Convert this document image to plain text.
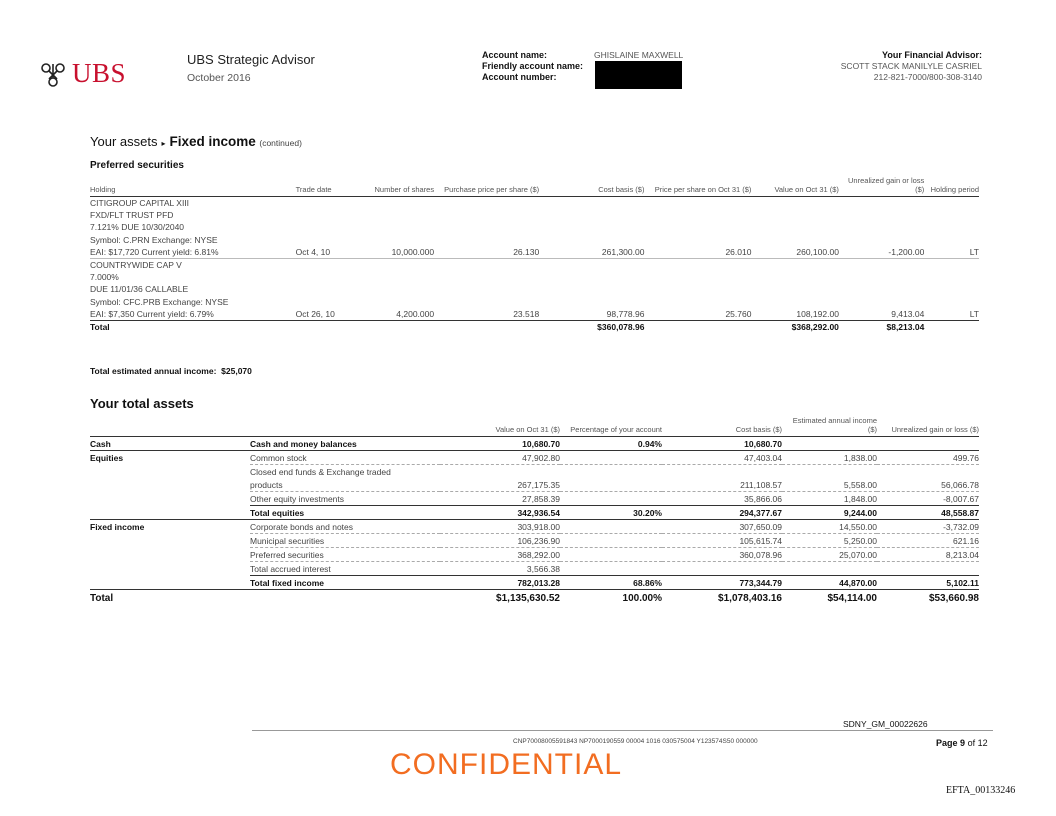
UBS	UBS Strategic Advisor
October 2016
Account name:	GHISLAINE MAXWELL
Friendly account name:
Account number:
Your Financial Advisor:
SCOTT STACK MANILYLE CASRIEL
212-821-7000/800-308-3140
Your assets ▸ Fixed income (continued)
Preferred securities
Holding	Trade date	Number of shares	Purchase price per share ($)	Cost basis ($)	Price per share on Oct 31 ($)	Value on Oct 31 ($)	Unrealized gain or loss ($)	Holding period
CITIGROUP CAPITAL XIII								
FXD/FLT TRUST PFD								
7.121% DUE 10/30/2040								
Symbol: C.PRN Exchange: NYSE								
EAI: $17,720 Current yield: 6.81%	Oct 4, 10	10,000.000	26.130	261,300.00	26.010	260,100.00	-1,200.00	LT
COUNTRYWIDE CAP V								
7.000%								
DUE 11/01/36 CALLABLE								
Symbol: CFC.PRB Exchange: NYSE								
EAI: $7,350 Current yield: 6.79%	Oct 26, 10	4,200.000	23.518	98,778.96	25.760	108,192.00	9,413.04	LT
Total				$360,078.96		$368,292.00	$8,213.04	
Total estimated annual income: $25,070
Your total assets
		Value on Oct 31 ($)	Percentage of your account	Cost basis ($)	Estimated annual income ($)	Unrealized gain or loss ($)
Cash	Cash and money balances	10,680.70	0.94%	10,680.70		
Equities	Common stock	47,902.80		47,403.04	1,838.00	499.76
	Closed end funds & Exchange traded					
	products	267,175.35		211,108.57	5,558.00	56,066.78
	Other equity investments	27,858.39		35,866.06	1,848.00	-8,007.67
	Total equities	342,936.54	30.20%	294,377.67	9,244.00	48,558.87
Fixed income	Corporate bonds and notes	303,918.00		307,650.09	14,550.00	-3,732.09
	Municipal securities	106,236.90		105,615.74	5,250.00	621.16
	Preferred securities	368,292.00		360,078.96	25,070.00	8,213.04
	Total accrued interest	3,566.38				
	Total fixed income	782,013.28	68.86%	773,344.79	44,870.00	5,102.11
Total		$1,135,630.52	100.00%	$1,078,403.16	$54,114.00	$53,660.98
SDNY_GM_00022626
CNP70008005591843 NP7000190559 00004 1016 030575004 Y123574S50 000000	Page 9 of 12
CONFIDENTIAL
EFTA_00133246
